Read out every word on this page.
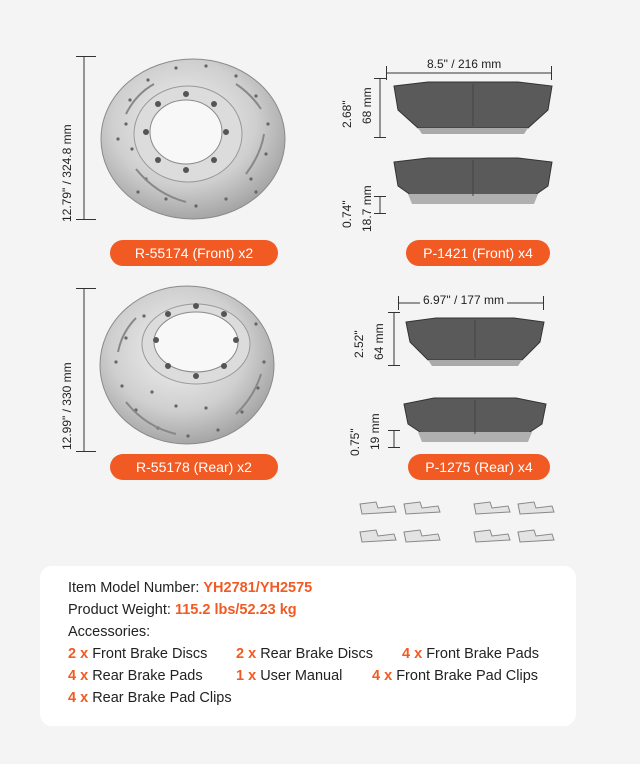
12.79" / 324.8 mm
R-55174 (Front) x2
12.99" / 330 mm
R-55178 (Rear) x2
8.5" / 216 mm
2.68" 68 mm
0.74" 18.7 mm
P-1421 (Front) x4
6.97" / 177 mm
2.52" 64 mm
0.75" 19 mm
P-1275 (Rear) x4
Item Model Number: YH2781/YH2575
Product Weight: 115.2 lbs/52.23 kg
Accessories:
2 x Front Brake Discs 2 x Rear Brake Discs 4 x Front Brake Pads
4 x Rear Brake Pads 1 x User Manual 4 x Front Brake Pad Clips
4 x Rear Brake Pad Clips
